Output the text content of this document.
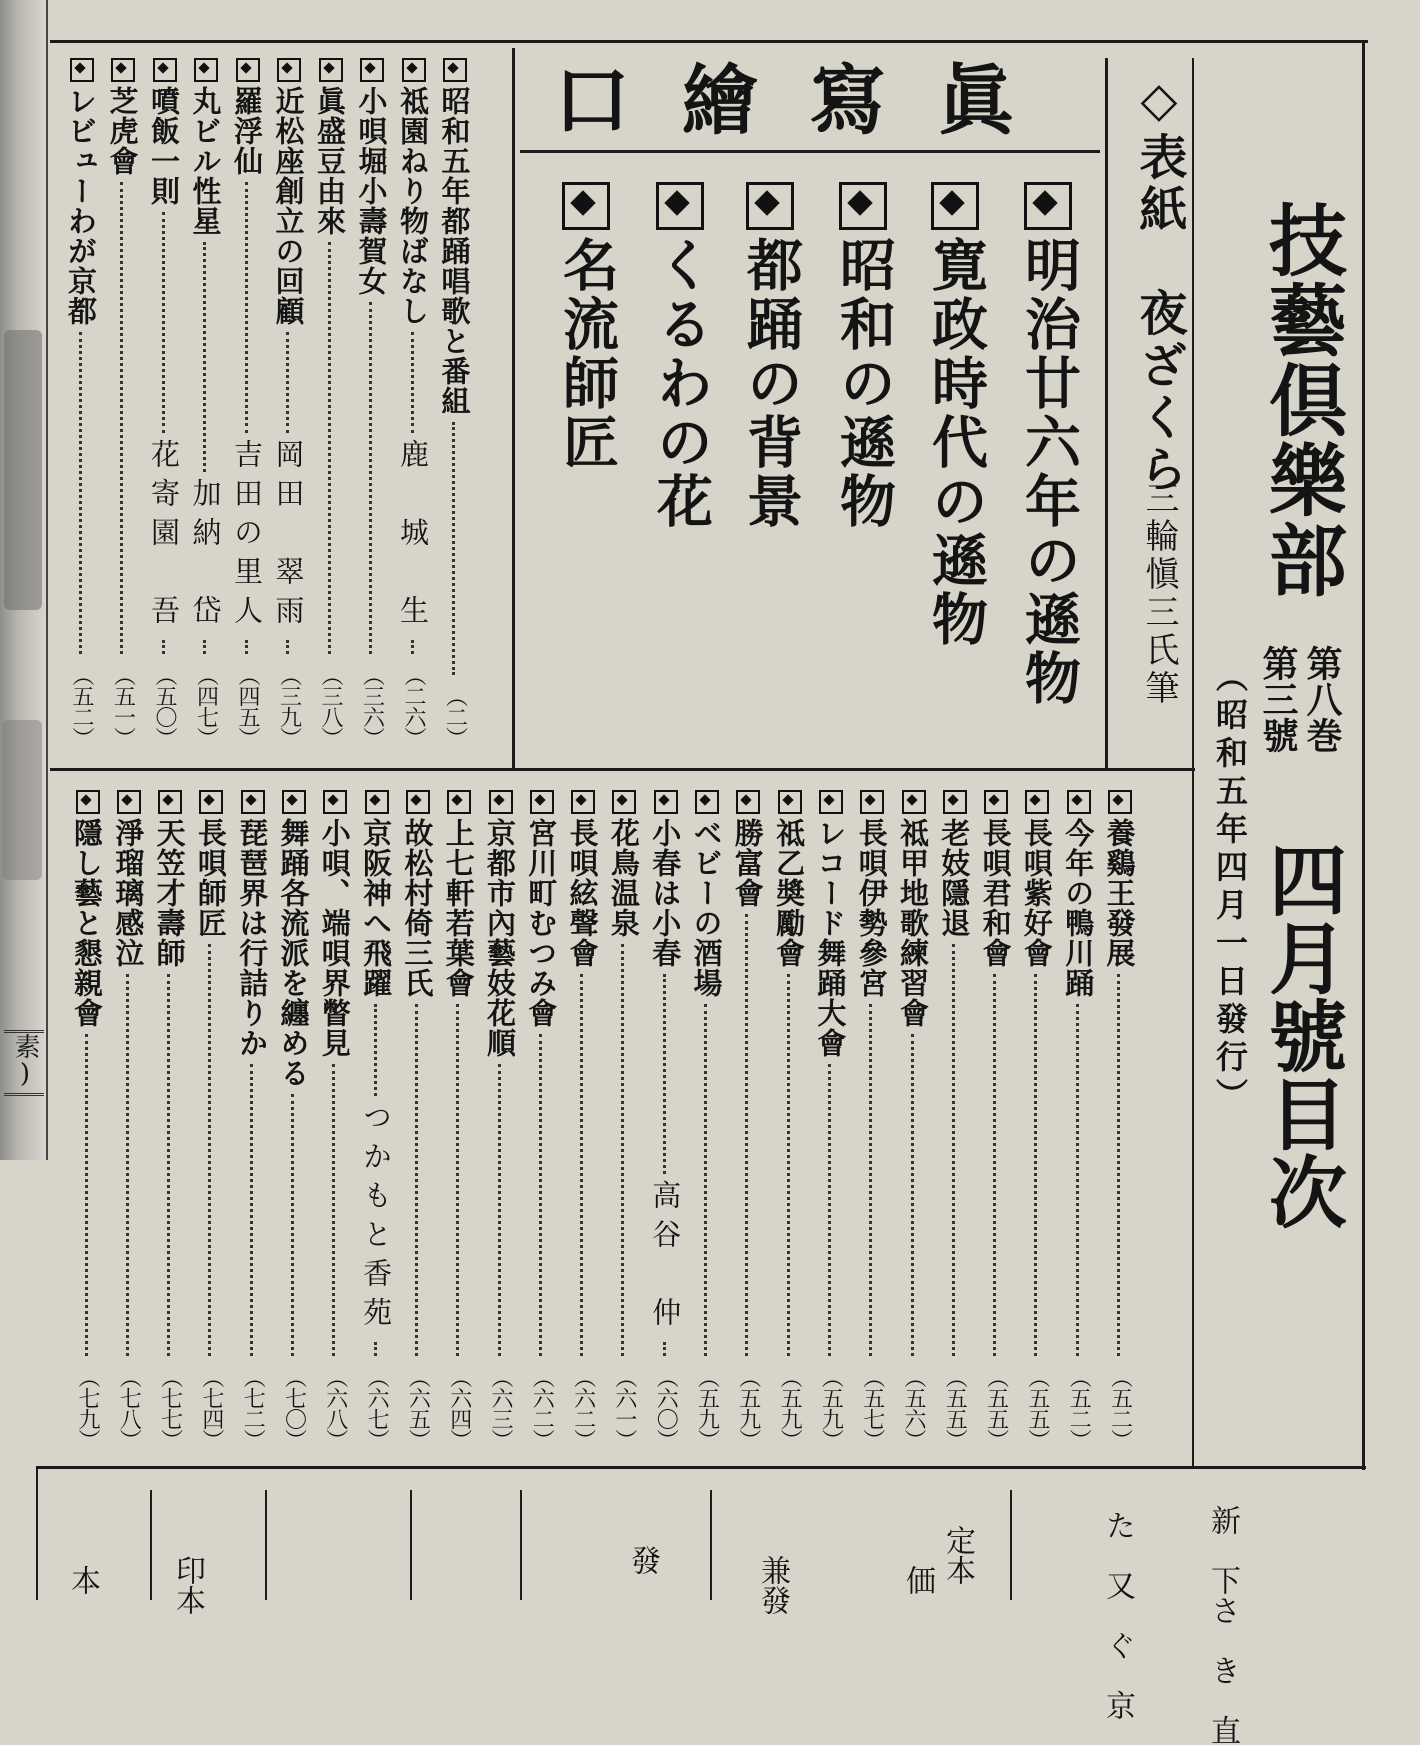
素)
技藝倶樂部
第八巻
第三號
四月號目次
（昭和五年四月一日發行）
◇表紙　夜ざくら
三輪愼三氏筆
口繪寫眞
明治廿六年の遜物
寛政時代の遜物
昭和の遜物
都踊の背景
くるわの花
名流師匠
昭和五年都踊唱歌と番組
（二）
祗園ねり物ばなし
鹿　城　生
（二六）
小唄堀小壽賀女
（三六）
眞盛豆由來
（三八）
近松座創立の回顧
岡田　翠雨
（三九）
羅浮仙
吉田の里人
（四五）
丸ビル性星
加納　岱
（四七）
噴飯一則
花寄園　吾
（五〇）
芝虎會
（五一）
レビューわが京都
（五二）
養鷄王發展
（五二）
今年の鴨川踊
（五二）
長唄紫好會
（五五）
長唄君和會
（五五）
老妓隱退
（五五）
祗甲地歌練習會
（五六）
長唄伊勢參宮
（五七）
レコード舞踊大會
（五九）
祗乙奬勵會
（五九）
勝富會
（五九）
ベビーの酒場
（五九）
小春は小春
高谷　仲
（六〇）
花鳥温泉
（六一）
長唄絃聲會
（六二）
宮川町むつみ會
（六二）
京都市內藝妓花順
（六三）
上七軒若葉會
（六四）
故松村倚三氏
（六五）
京阪神へ飛躍
つかもと香苑
（六七）
小唄、端唄界瞥見
（六八）
舞踊各流派を纏める
（七〇）
琵琶界は行詰りか
（七二）
長唄師匠
（七四）
天笠才壽師
（七七）
淨瑠璃感泣
（七八）
隱し藝と懇親會
（七九）
新　下さ　き　直
た　又　ぐ　京
定本
価
兼發
發
印本
本
